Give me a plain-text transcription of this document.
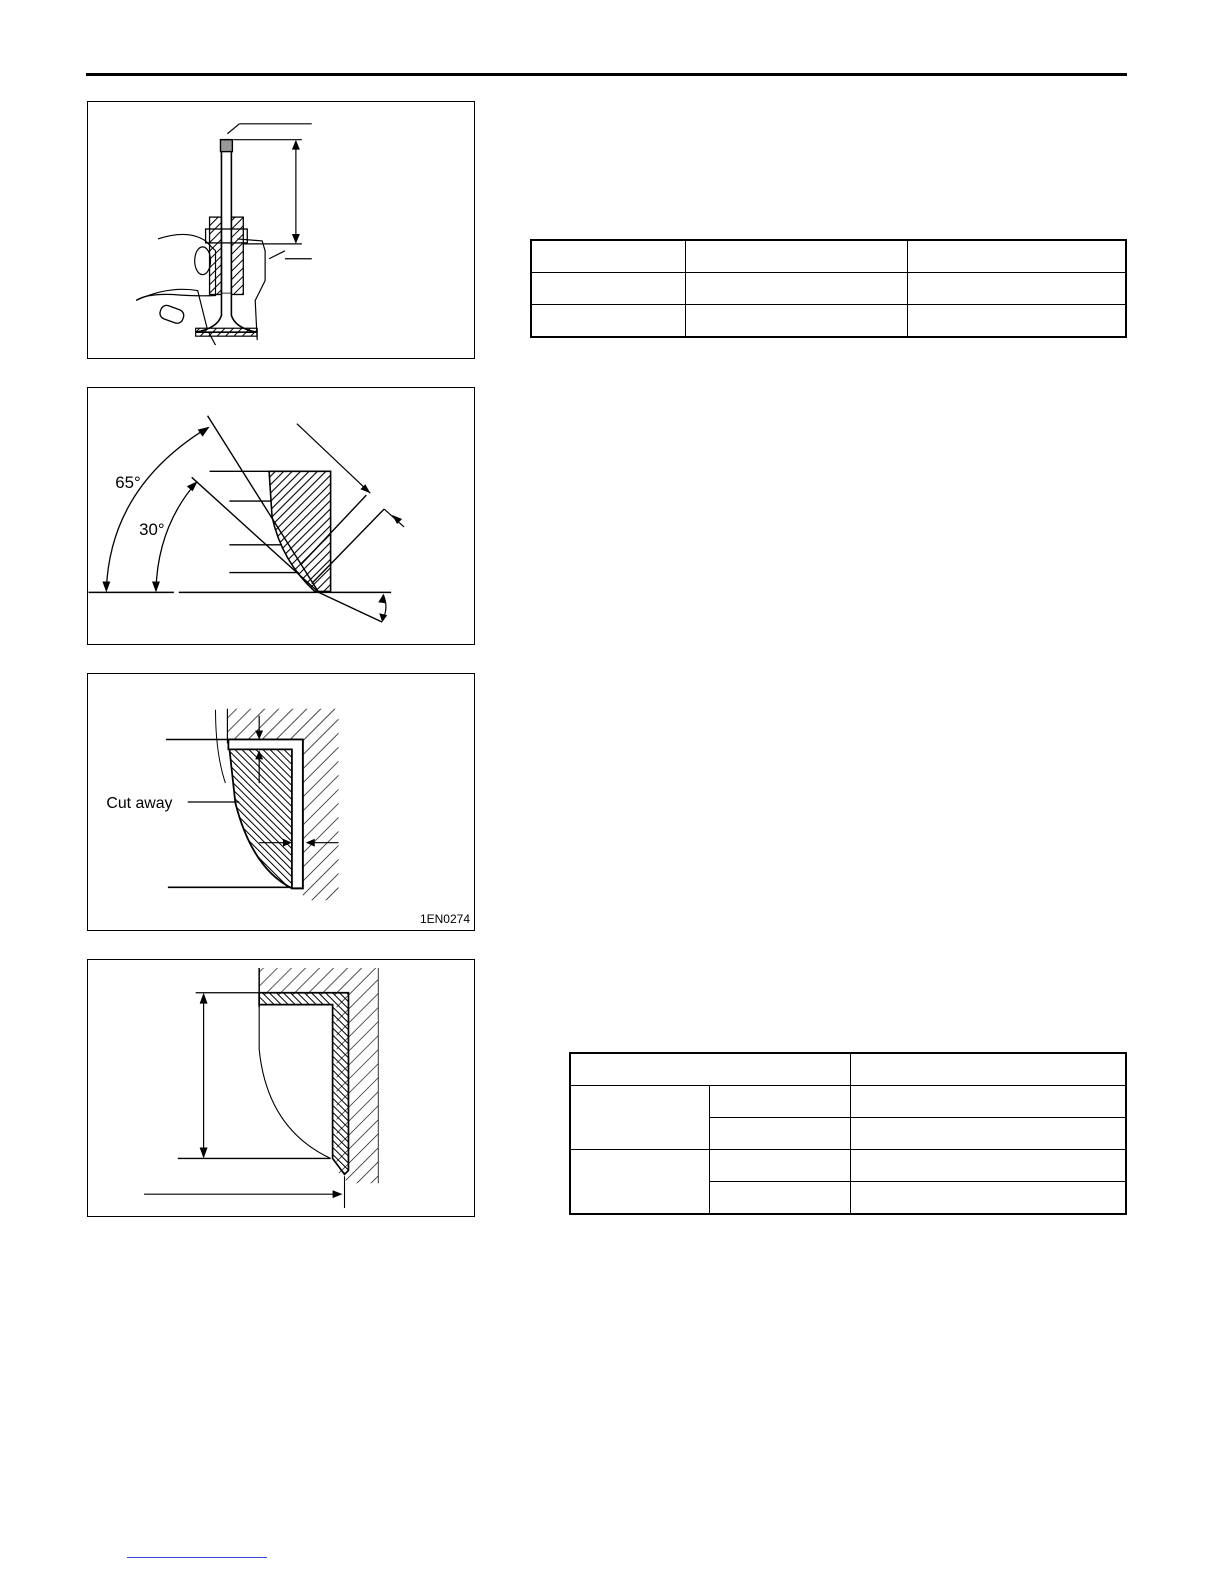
65°
30°
Cut away
1EN0274
